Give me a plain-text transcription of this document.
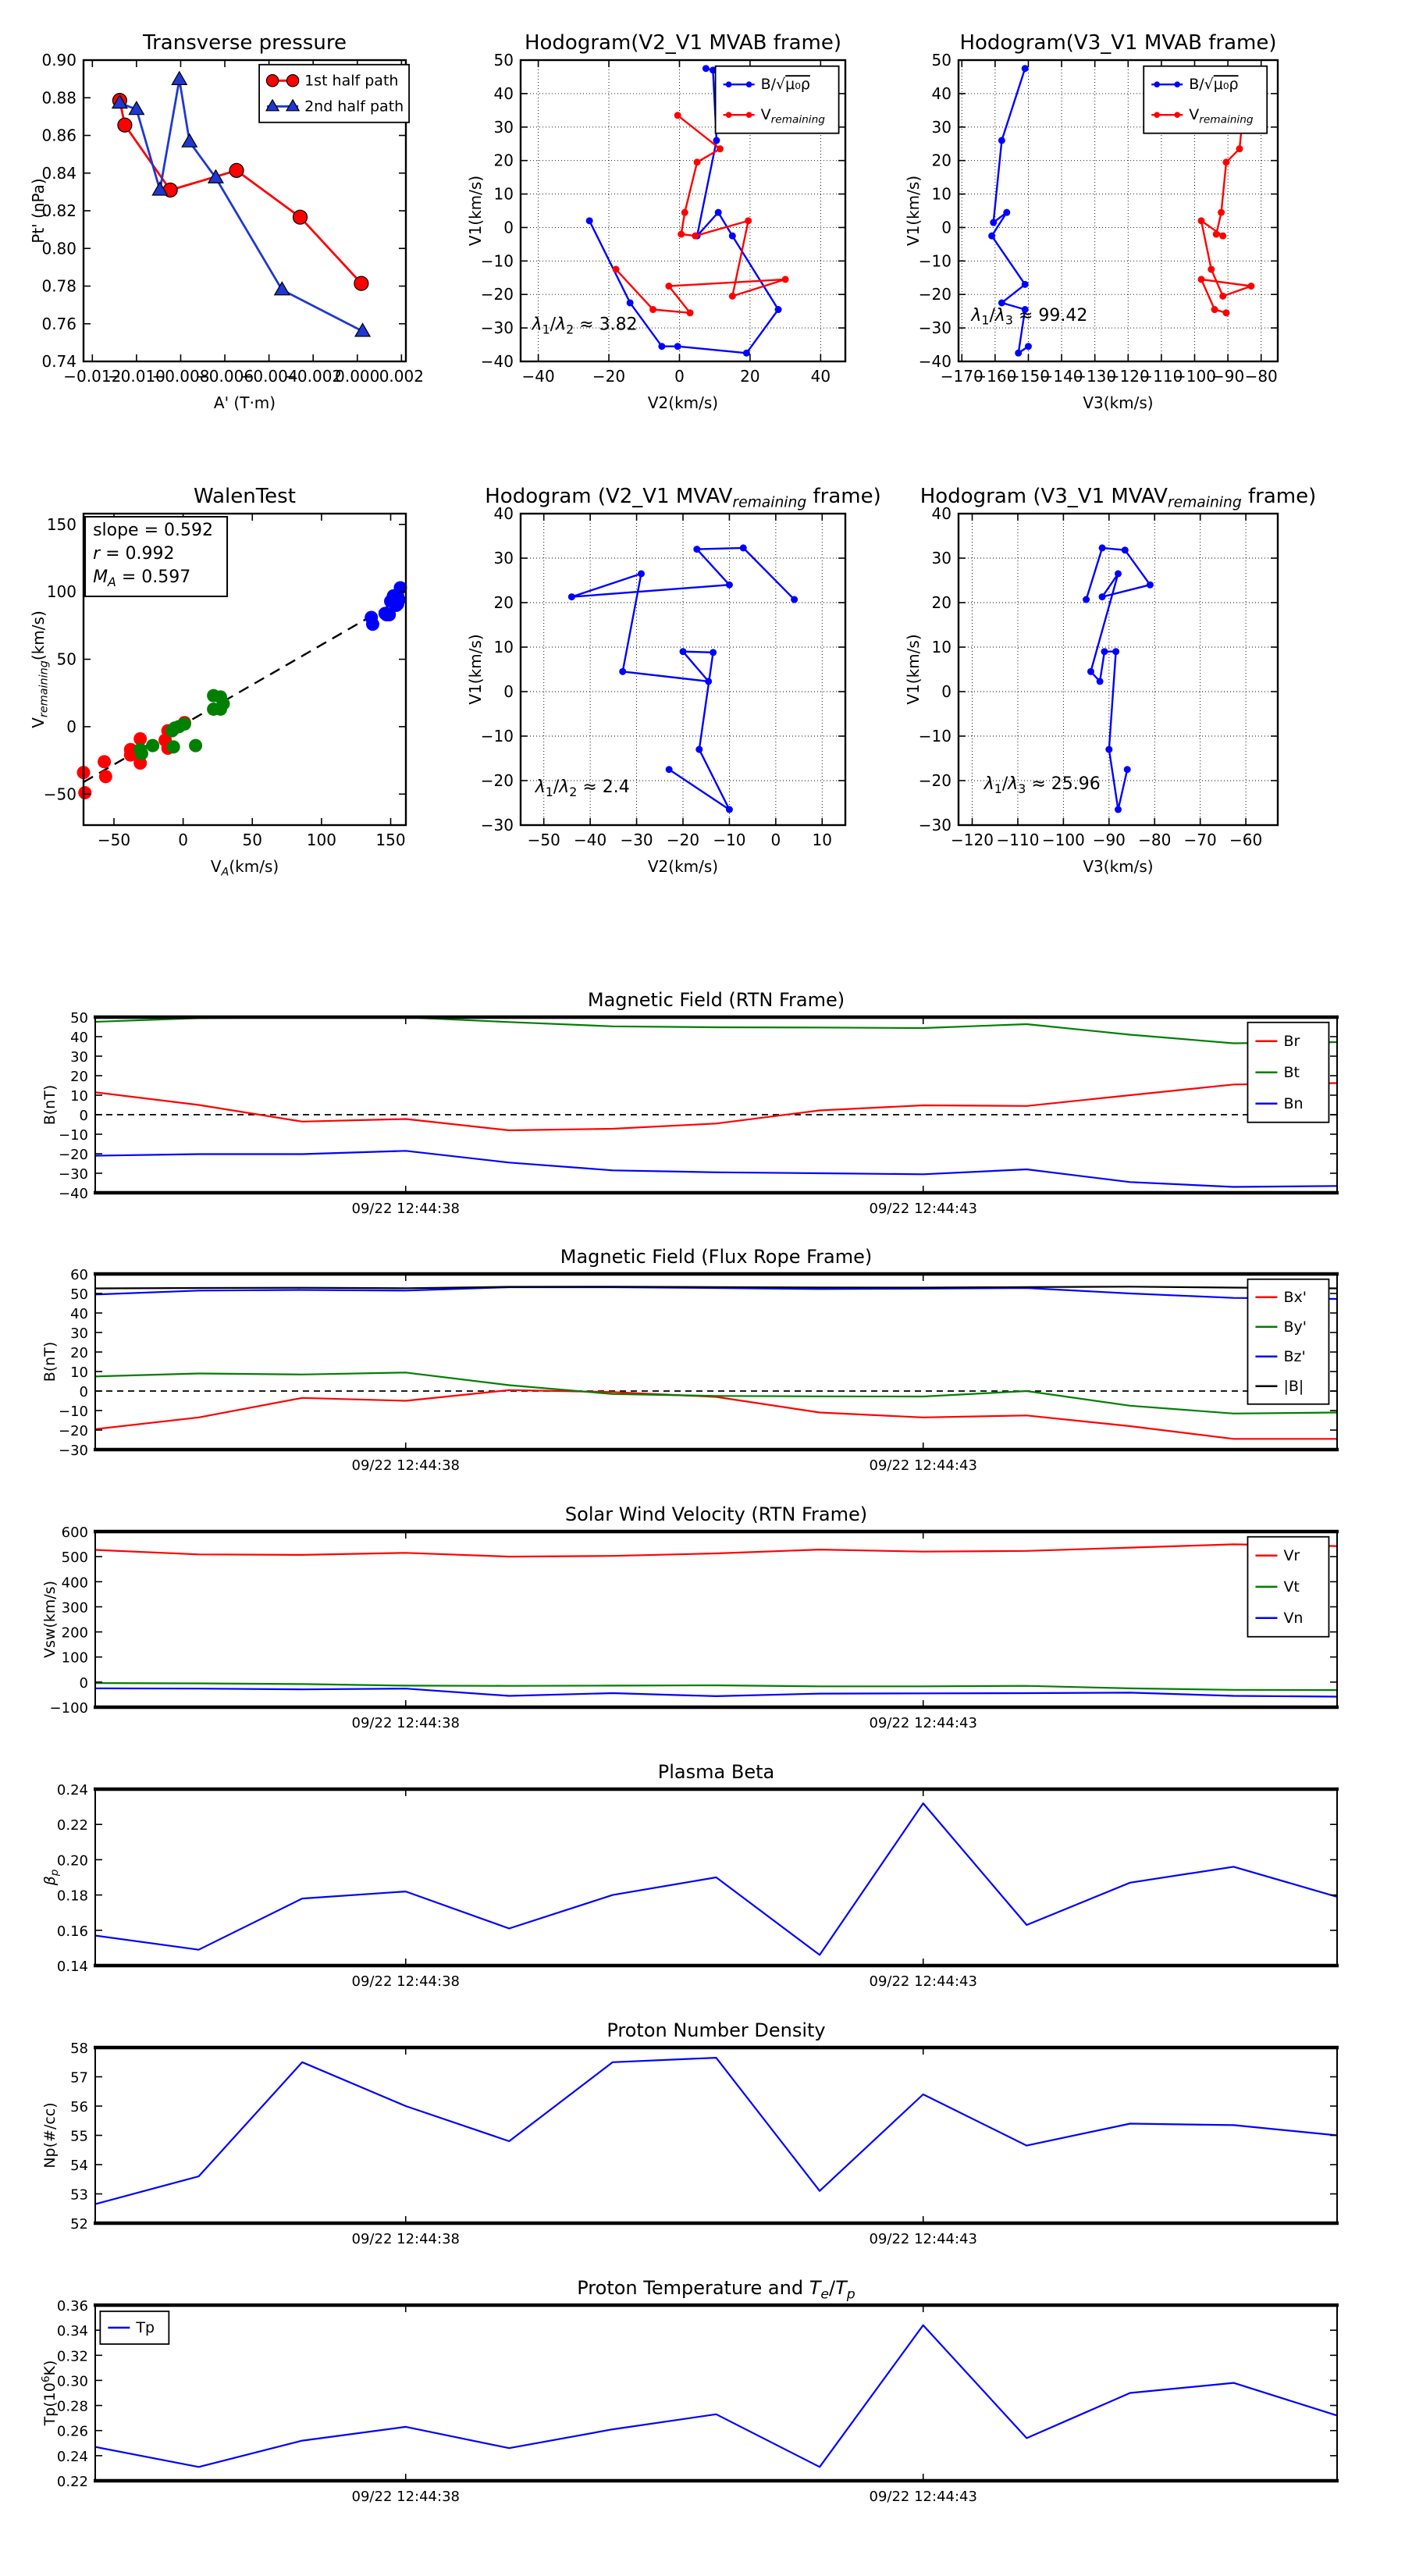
−0.012
−0.010
−0.008
−0.006
−0.004
−0.002
0.000 0.002
0.74
0.76
0.78
0.80
0.82
0.84
0.86
0.88
0.90
Transverse pressure
A' (T·m)
Pt' (nPa)
1st half path
2nd half path
−40 −20	0	20	40
−40
−30
−20
−10
0
10
20
30
40
50
Hodogram(V2_V1 MVAB frame)
V2(km/s)
V1(km/s)
$\lambda_1/\lambda_2 \approx 3.82$
B/√μ₀ρ
$V_{remaining}$
−170
−160
−150
−140
−130
−120
−110
−100
−90 −80
−40
−30
−20
−10
0
10
20
30
40
50
Hodogram(V3_V1 MVAB frame)
V3(km/s)
V1(km/s)
$\lambda_1/\lambda_3 \approx 99.42$
B/√μ₀ρ
$V_{remaining}$
−50	0	50	100	150
−50
0
50
100
150
WalenTest
$V_A(km/s)$
$V_{remaining}(km/s)$
slope = 0.592
r = 0.992
$M_A = 0.597$
−50 −40 −30 −20 −10 0 10
−30
−20
−10
0
10
20
30
40
Hodogram (V2_V1 $MVAV_{remaining}$ frame)
V2(km/s)
V1(km/s)
$\lambda_1/\lambda_2 \approx 2.4$
−120 −110 −100 −90 −80 −70 −60
−30
−20
−10
0
10
20
30
40
Hodogram (V3_V1 $MVAV_{remaining}$ frame)
V3(km/s)
V1(km/s)
$\lambda_1/\lambda_3 \approx 25.96$
09/22 12:44:38	09/22 12:44:43
−40
−30
−20
−10
0
10
20
30
40
50
Magnetic Field (RTN Frame)
B(nT)
Br
Bt
Bn
09/22 12:44:38	09/22 12:44:43
−30
−20
−10
0
10
20
30
40
50
60
Magnetic Field (Flux Rope Frame)
B(nT)
Bx'
By'
Bz'
|B|
09/22 12:44:38	09/22 12:44:43
−100
0
100
200
300
400
500
600
Solar Wind Velocity (RTN Frame)
Vsw(km/s)
Vr
Vt
Vn
09/22 12:44:38	09/22 12:44:43
0.14
0.16
0.18
0.20
0.22
0.24
Plasma Beta
$\beta_p$
09/22 12:44:38	09/22 12:44:43
52
53
54
55
56
57
58
Proton Number Density
Np(#/cc)
09/22 12:44:38	09/22 12:44:43
0.22
0.24
0.26
0.28
0.30
0.32
0.34
0.36
Proton Temperature and $T_e/T_p$
$Tp(10^6K)$
Tp
